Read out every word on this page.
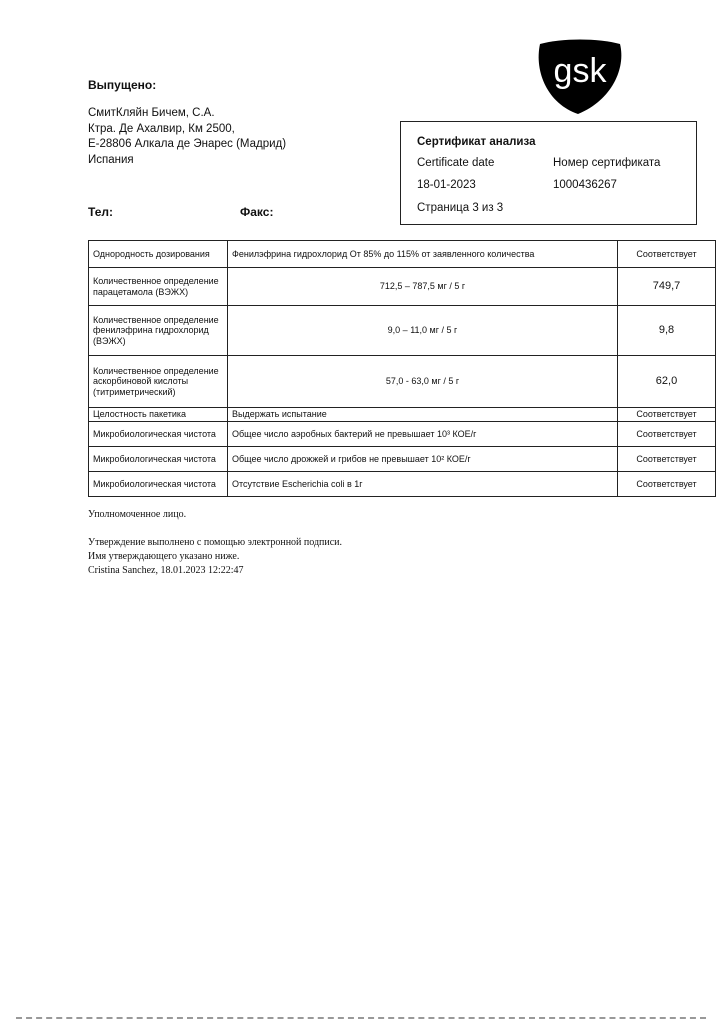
Выпущено:
СмитКляйн Бичем, С.А.
Ктра. Де Ахалвир, Км 2500,
Е-28806 Алкала де Энарес (Мадрид)
Испания
Тел:	Факс:
gsk
Сертификат анализа
Certificate date	Номер сертификата
18-01-2023	1000436267
Страница 3 из 3
Однородность дозирования	Фенилэфрина гидрохлорид От 85% до 115% от заявленного количества	Соответствует
Количественное определение парацетамола (ВЭЖХ)	712,5 – 787,5 мг / 5 г	749,7
Количественное определение фенилэфрина гидрохлорид (ВЭЖХ)	9,0 – 11,0 мг / 5 г	9,8
Количественное определение аскорбиновой кислоты (титриметрический)	57,0 - 63,0 мг / 5 г	62,0
Целостность пакетика	Выдержать испытание	Соответствует
Микробиологическая чистота	Общее число аэробных бактерий не превышает 10³ КОЕ/г	Соответствует
Микробиологическая чистота	Общее число дрожжей и грибов не превышает 10² КОЕ/г	Соответствует
Микробиологическая чистота	Отсутствие Escherichia coli в 1г	Соответствует
Уполномоченное лицо.
Утверждение выполнено с помощью электронной подписи.
Имя утверждающего указано ниже.
Cristina Sanchez, 18.01.2023 12:22:47
